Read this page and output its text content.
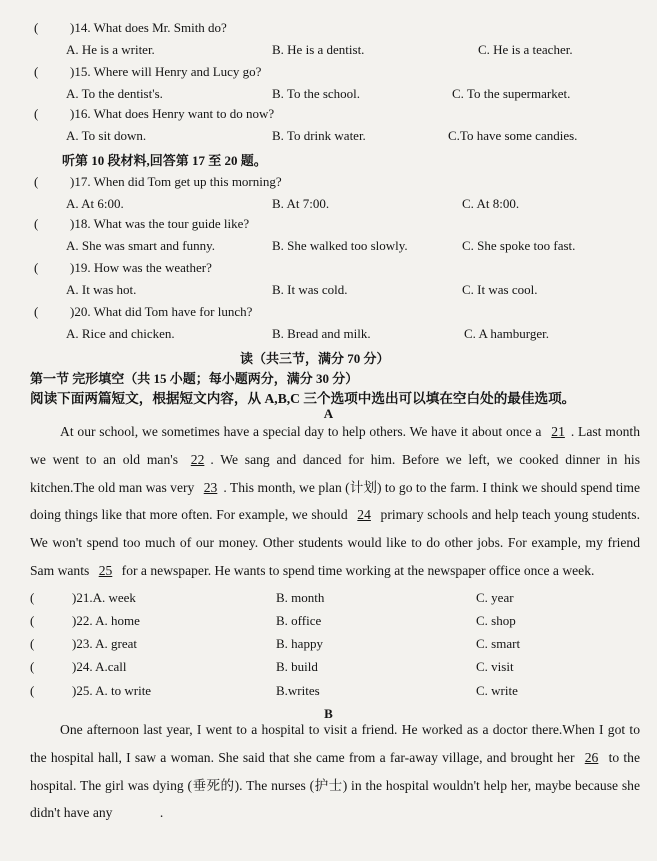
( )14. What does Mr. Smith do?
A. He is a writer.	B. He is a dentist.	C. He is a teacher.
( )15. Where will Henry and Lucy go?
A. To the dentist's.	B. To the school.	C. To the supermarket.
( )16. What does Henry want to do now?
A. To sit down.	B. To drink water.	C.To have some candies.
听第 10 段材料,回答第 17 至 20 题。
( )17. When did Tom get up this morning?
A. At 6:00.	B. At 7:00.	C. At 8:00.
( )18. What was the tour guide like?
A. She was smart and funny.	B. She walked too slowly.	C. She spoke too fast.
( )19. How was the weather?
A. It was hot.	B. It was cold.	C. It was cool.
( )20. What did Tom have for lunch?
A. Rice and chicken.	B. Bread and milk.	C. A hamburger.
读（共三节，满分 70 分）
第一节 完形填空（共 15 小题；每小题两分，满分 30 分）
阅读下面两篇短文，根据短文内容，从 A,B,C 三个选项中选出可以填在空白处的最佳选项。
A
At our school, we sometimes have a special day to help others. We have it about once a 21 . Last month we went to an old man's 22 . We sang and danced for him. Before we left, we cooked dinner in his kitchen.The old man was very 23 . This month, we plan (计划) to go to the farm. I think we should spend time doing things like that more often. For example, we should 24 primary schools and help teach young students. We won't spend too much of our money. Other students would like to do other jobs. For example, my friend Sam wants 25 for a newspaper. He wants to spend time working at the newspaper office once a week.
(	)21.A. week	B. month	C. year
(	)22. A. home	B. office	C. shop
(	)23. A. great	B. happy	C. smart
(	)24. A.call	B. build	C. visit
(	)25. A. to write	B.writes	C. write
B
One afternoon last year, I went to a hospital to visit a friend. He worked as a doctor there.When I got to the hospital hall, I saw a woman. She said that she came from a far-away village, and brought her 26 to the hospital. The girl was dying (垂死的). The nurses (护士) in the hospital wouldn't help her, maybe because she didn't have any	.
